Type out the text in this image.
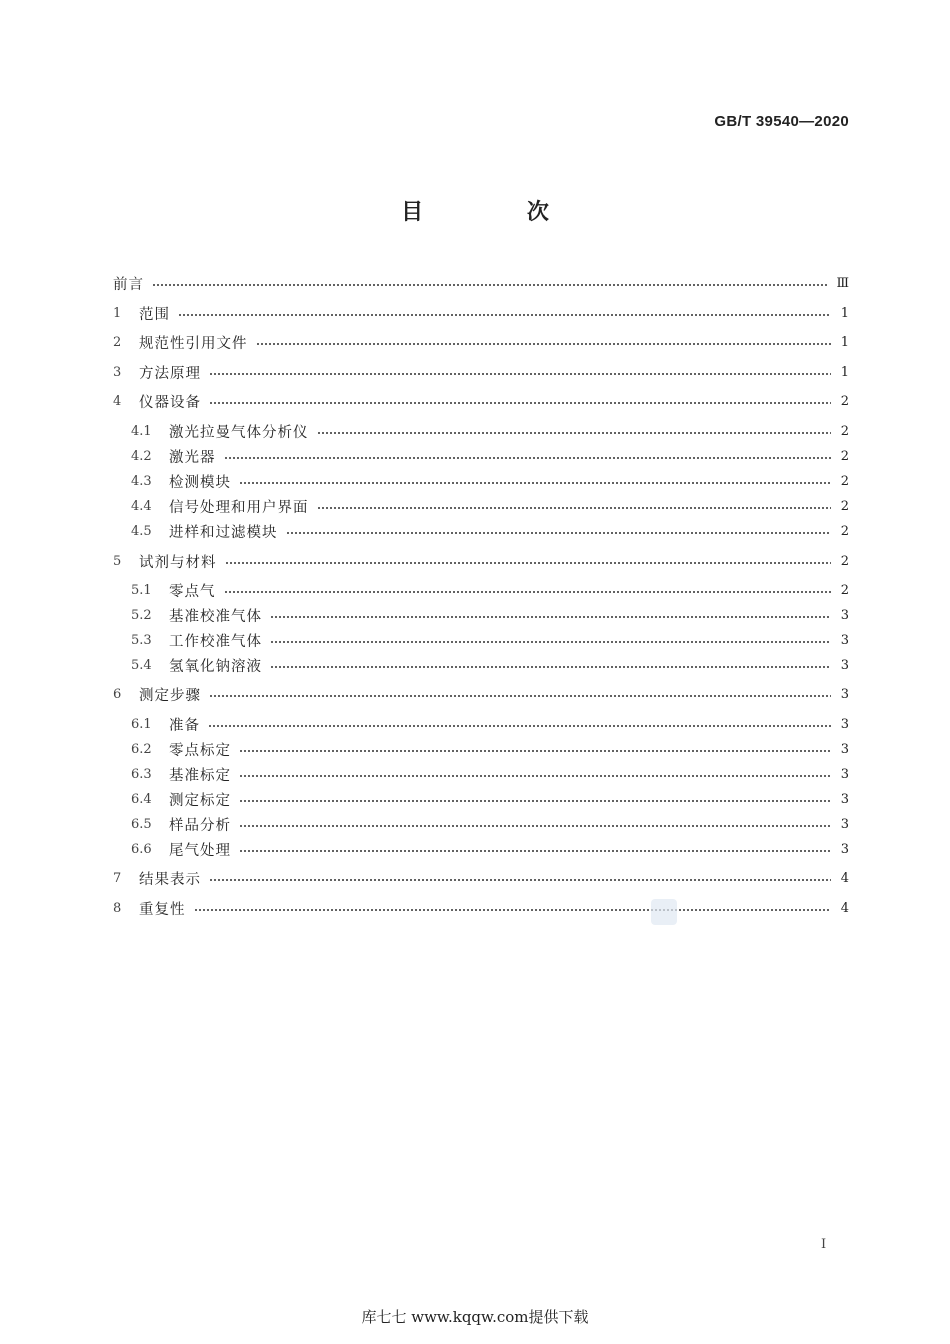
GB/T 39540—2020
目 次
前言	Ⅲ
1	范围	1
2	规范性引用文件	1
3	方法原理	1
4	仪器设备	2
4.1	激光拉曼气体分析仪	2
4.2	激光器	2
4.3	检测模块	2
4.4	信号处理和用户界面	2
4.5	进样和过滤模块	2
5	试剂与材料	2
5.1	零点气	2
5.2	基准校准气体	3
5.3	工作校准气体	3
5.4	氢氧化钠溶液	3
6	测定步骤	3
6.1	准备	3
6.2	零点标定	3
6.3	基准标定	3
6.4	测定标定	3
6.5	样品分析	3
6.6	尾气处理	3
7	结果表示	4
8	重复性	4
I
库七七 www.kqqw.com提供下载
